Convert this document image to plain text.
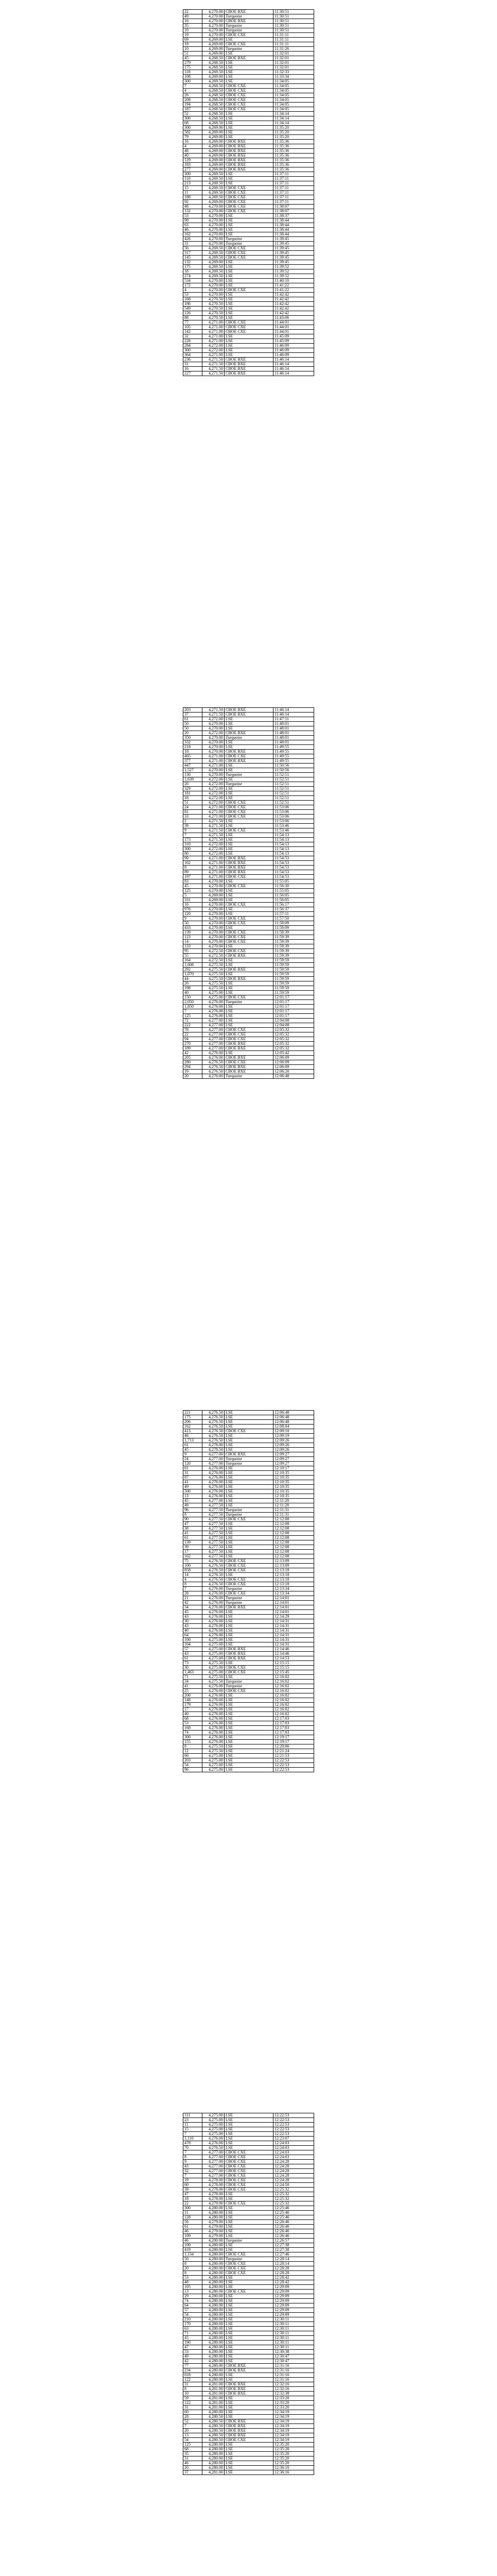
22	4,270.00	CBOE BXE	11:30:51
49	4,270.00	Turquoise	11:30:51
16	4,270.00	CBOE BXE	11:30:51
35	4,270.00	Turquoise	11:30:51
10	4,270.00	Turquoise	11:30:51
19	4,270.00	CBOE CXE	11:31:11
69	4,269.00	LSE	11:31:11
18	4,269.00	CBOE CXE	11:31:11
10	4,269.00	Turquoise	11:31:26
51	4,269.00	LSE	11:32:01
45	4,268.50	CBOE BXE	11:32:01
279	4,268.50	LSE	11:32:01
175	4,268.50	LSE	11:32:01
118	4,269.50	LSE	11:32:33
108	4,269.00	LSE	11:33:34
300	4,269.50	LSE	11:34:05
7	4,268.50	CBOE CXE	11:34:05
4	4,268.50	CBOE CXE	11:34:05
26	4,268.50	CBOE CXE	11:34:05
208	4,268.50	CBOE CXE	11:34:05
194	4,268.50	CBOE CXE	11:34:05
187	4,268.50	CBOE CXE	11:34:05
52	4,268.50	LSE	11:34:14
300	4,268.50	LSE	11:34:14
68	4,268.50	LSE	11:34:14
300	4,269.00	LSE	11:35:20
582	4,269.00	LSE	11:35:20
79	4,269.00	LSE	11:35:20
16	4,269.00	CBOE BXE	11:35:36
4	4,269.00	CBOE BXE	11:35:36
48	4,269.00	CBOE BXE	11:35:36
40	4,269.00	CBOE BXE	11:35:36
129	4,269.00	CBOE BXE	11:35:36
183	4,269.00	CBOE BXE	11:35:36
277	4,269.00	CBOE BXE	11:35:36
300	4,269.50	LSE	11:37:11
110	4,269.50	LSE	11:37:11
213	4,269.50	LSE	11:37:11
15	4,269.50	CBOE CXE	11:37:11
11	4,269.50	CBOE CXE	11:37:11
188	4,269.50	CBOE CXE	11:37:11
92	4,269.00	CBOE CXE	11:37:11
48	4,270.00	CBOE CXE	11:38:07
132	4,270.00	CBOE CXE	11:38:07
53	4,270.00	LSE	11:38:37
98	4,270.00	LSE	11:38:44
63	4,270.00	LSE	11:38:44
46	4,270.00	LSE	11:38:44
162	4,270.00	LSE	11:38:44
426	4,270.00	Turquoise	11:39:45
31	4,270.00	Turquoise	11:39:45
56	4,269.50	CBOE CXE	11:39:45
317	4,269.50	CBOE CXE	11:39:45
145	4,269.50	CBOE CXE	11:39:45
132	4,269.00	LSE	11:39:45
175	4,269.50	LSE	11:39:52
18	4,269.50	LSE	11:39:52
274	4,269.50	LSE	11:39:52
534	4,270.00	LSE	11:40:10
172	4,270.00	LSE	11:41:22
4	4,270.00	CBOE CXE	11:41:22
53	4,270.00	LSE	11:42:42
168	4,270.50	LSE	11:42:42
186	4,270.50	LSE	11:42:42
549	4,270.50	LSE	11:42:42
126	4,270.50	LSE	11:42:42
88	4,270.50	LSE	11:43:06
77	4,271.00	CBOE CXE	11:44:01
105	4,271.00	CBOE CXE	11:44:01
142	4,271.00	CBOE CXE	11:44:01
32	4,271.00	LSE	11:45:09
228	4,271.00	LSE	11:45:09
284	4,272.00	LSE	11:46:09
300	4,272.00	LSE	11:46:09
364	4,271.00	LSE	11:46:09
236	4,271.50	CBOE BXE	11:46:14
31	4,271.50	CBOE BXE	11:46:14
16	4,271.50	CBOE BXE	11:46:14
227	4,271.50	CBOE BXE	11:46:14
203	4,271.50	CBOE BXE	11:46:14
37	4,271.50	CBOE BXE	11:46:14
61	4,272.00	LSE	11:47:11
50	4,270.00	LSE	11:48:01
50	4,270.00	LSE	11:48:01
20	4,272.00	CBOE BXE	11:48:01
350	4,270.00	Turquoise	11:48:01
332	4,270.00	LSE	11:48:01
218	4,270.00	LSE	11:49:55
18	4,270.00	CBOE BXE	11:49:55
465	4,271.00	CBOE CXE	11:49:55
377	4,271.00	CBOE BXE	11:49:55
447	4,271.00	LSE	11:50:56
1,527	4,270.00	LSE	11:50:56
130	4,270.00	Turquoise	11:52:51
1,639	4,272.00	LSE	11:52:51
20	4,272.00	Turquoise	11:52:51
329	4,272.00	LSE	11:52:51
181	4,272.00	LSE	11:52:51
18	4,272.00	LSE	11:52:51
51	4,272.00	CBOE CXE	11:52:51
24	4,271.00	CBOE CXE	11:53:06
81	4,271.00	CBOE CXE	11:53:06
33	4,271.00	CBOE CXE	11:53:06
2	4,271.50	LSE	11:53:06
39	4,271.50	LSE	11:53:46
9	4,271.50	CBOE CXE	11:53:46
7	4,271.50	LSE	11:54:13
173	4,271.50	LSE	11:54:13
310	4,272.00	LSE	11:54:13
300	4,272.00	LSE	11:54:13
80	4,272.00	LSE	11:54:13
90	4,271.00	CBOE BXE	11:54:53
162	4,271.00	CBOE BXE	11:54:53
8	4,271.00	CBOE BXE	11:54:53
89	4,271.00	CBOE BXE	11:54:53
197	4,271.00	CBOE CXE	11:54:53
83	4,270.00	LSE	11:55:05
45	4,270.00	CBOE CXE	11:56:30
125	4,270.00	LSE	11:55:05
5	4,269.00	LSE	11:56:05
331	4,269.00	LSE	11:56:05
16	4,270.00	CBOE CXE	11:56:17
976	4,270.00	LSE	11:56:37
120	4,270.00	LSE	11:57:11
9	4,270.00	CBOE CXE	11:57:50
50	4,270.00	CBOE CXE	11:58:09
433	4,270.00	LSE	11:58:09
139	4,270.00	CBOE CXE	11:58:39
123	4,270.00	CBOE CXE	11:59:39
14	4,270.00	CBOE CXE	11:59:39
133	4,270.00	LSE	11:59:39
95	4,272.50	CBOE CXE	11:59:39
55	4,272.50	CBOE BXE	11:59:39
164	4,272.50	LSE	11:59:59
1,608	4,275.50	LSE	11:59:59
292	4,275.50	CBOE BXE	11:59:59
1,070	4,275.50	LSE	11:59:59
44	4,275.50	CBOE BXE	11:59:59
26	4,275.50	LSE	11:59:59
198	4,275.50	LSE	11:59:59
40	4,275.00	LSE	11:59:59
150	4,275.00	CBOE CXE	12:01:17
2,050	4,276.00	Turquoise	12:01:17
1,850	4,276.00	LSE	12:01:17
7	4,276.00	LSE	12:01:17
125	4,276.00	LSE	12:01:17
72	4,277.00	LSE	12:04:08
222	4,277.00	LSE	12:04:08
78	4,277.00	CBOE CXE	12:05:32
22	4,277.00	CBOE CXE	12:05:32
94	4,277.00	CBOE CXE	12:05:32
270	4,277.00	CBOE BXE	12:05:32
189	4,277.00	CBOE BXE	12:05:32
42	4,276.00	LSE	12:05:42
205	4,276.00	CBOE BXE	12:06:09
280	4,276.50	CBOE CXE	12:06:09
294	4,276.50	CBOE BXE	12:06:09
19	4,276.50	CBOE BXE	12:06:20
20	4,276.00	Turquoise	12:06:48
221	4,276.50	LSE	12:06:48
175	4,276.50	LSE	12:06:48
206	4,276.50	LSE	12:06:48
162	4,276.50	LSE	12:08:04
413	4,276.50	CBOE CXE	12:09:10
46	4,276.50	LSE	12:09:19
1,713	4,276.50	LSE	12:09:26
61	4,278.00	LSE	12:09:26
45	4,278.50	LSE	12:09:26
9	4,277.00	CBOE BXE	12:09:27
24	4,277.00	Turquoise	12:09:27
120	4,277.00	Turquoise	12:09:27
61	4,276.00	LSE	12:10:17
31	4,276.00	LSE	12:10:35
87	4,276.00	LSE	12:10:35
41	4,276.00	LSE	12:10:35
49	4,276.00	LSE	12:10:35
500	4,276.00	LSE	12:10:35
13	4,276.00	LSE	12:10:35
45	4,277.00	LSE	12:11:28
49	4,277.50	LSE	12:11:28
96	4,277.50	Turquoise	12:11:31
8	4,277.50	Turquoise	12:11:31
90	4,277.50	CBOE CXE	12:12:08
47	4,277.50	LSE	12:12:08
38	4,277.50	LSE	12:12:08
41	4,277.50	LSE	12:12:08
61	4,277.50	LSE	12:12:08
139	4,277.50	LSE	12:12:08
39	4,277.50	LSE	12:12:08
17	4,277.50	LSE	12:12:08
162	4,277.50	LSE	12:12:08
75	4,276.50	CBOE CXE	12:13:09
100	4,276.50	CBOE CXE	12:13:09
858	4,276.50	CBOE CXE	12:13:18
14	4,276.50	LSE	12:13:18
4	4,276.50	CBOE CXE	12:13:18
8	4,276.50	CBOE CXE	12:13:18
7	4,276.00	Turquoise	12:13:34
28	4,276.00	CBOE CXE	12:13:34
21	4,276.00	Turquoise	12:14:01
42	4,276.00	Turquoise	12:14:01
34	4,276.00	CBOE BXE	12:14:01
45	4,276.00	LSE	12:14:01
43	4,276.00	LSE	12:14:29
30	4,276.00	LSE	12:14:31
43	4,276.00	LSE	12:14:31
40	4,276.00	LSE	12:14:31
64	4,276.00	LSE	12:14:31
100	4,275.00	LSE	12:14:31
104	4,275.00	LSE	12:14:31
57	4,275.00	CBOE BXE	12:14:46
43	4,275.00	CBOE BXE	12:14:46
61	4,275.00	CBOE BXE	12:14:53
73	4,275.50	LSE	12:15:15
30	4,275.00	CBOE CXE	12:15:15
1,463	4,275.00	CBOE CXE	12:15:45
71	4,275.50	LSE	12:16:02
34	4,275.50	Turquoise	12:16:02
41	4,276.00	Turquoise	12:16:02
25	4,276.00	CBOE CXE	12:16:02
200	4,276.00	LSE	12:16:02
148	4,276.00	LSE	12:16:02
179	4,276.00	LSE	12:16:02
17	4,276.00	LSE	12:16:02
40	4,276.00	LSE	12:16:02
68	4,276.00	LSE	12:17:03
53	4,276.00	LSE	12:17:03
168	4,276.00	LSE	12:17:03
74	4,276.00	LSE	12:17:03
300	4,276.00	LSE	12:19:17
155	4,276.00	LSE	12:19:17
8	4,275.50	LSE	12:20:06
12	4,275.50	LSE	12:21:24
66	4,275.00	LSE	12:21:53
203	4,275.00	LSE	12:22:53
54	4,275.00	LSE	12:22:53
96	4,275.00	LSE	12:22:53
111	4,275.00	LSE	12:22:53
23	4,275.00	LSE	12:22:53
11	4,275.00	LSE	12:22:53
15	4,275.00	LSE	12:22:53
7	4,275.00	LSE	12:22:53
1,110	4,276.00	LSE	12:23:07
478	4,276.00	LSE	12:24:03
70	4,276.50	LSE	12:24:03
7	4,277.00	CBOE CXE	12:24:03
8	4,277.00	CBOE CXE	12:24:03
9	4,277.00	CBOE CXE	12:24:28
43	4,277.00	CBOE CXE	12:24:28
32	4,277.00	CBOE CXE	12:24:28
7	4,277.00	CBOE CXE	12:24:28
19	4,278.00	CBOE CXE	12:24:28
60	4,278.00	CBOE CXE	12:24:50
39	4,278.00	CBOE CXE	12:25:32
47	4,278.00	LSE	12:25:32
18	4,278.00	LSE	12:25:32
22	4,279.00	CBOE CXE	12:25:32
300	4,280.00	LSE	12:25:46
11	4,280.00	LSE	12:25:46
128	4,280.00	LSE	12:25:46
56	4,279.00	LSE	12:26:46
61	4,279.00	LSE	12:26:46
46	4,279.00	LSE	12:26:46
109	4,279.00	LSE	12:26:46
46	4,280.00	Turquoise	12:26:57
100	4,280.00	LSE	12:27:38
419	4,280.00	LSE	12:27:38
1,134	4,280.00	CBOE CXE	12:27:46
50	4,280.00	Turquoise	12:28:14
8	4,280.00	CBOE CXE	12:28:14
20	4,280.00	CBOE CXE	12:28:28
8	4,280.00	CBOE CXE	12:28:28
53	4,280.00	LSE	12:28:42
48	4,280.00	LSE	12:28:42
105	4,280.00	LSE	12:29:09
13	4,280.00	CBOE CXE	12:29:09
29	4,280.00	LSE	12:29:09
74	4,280.00	LSE	12:29:09
64	4,280.00	LSE	12:29:09
57	4,280.00	LSE	12:29:09
54	4,280.00	LSE	12:29:09
210	4,280.00	LSE	12:30:11
170	4,280.00	LSE	12:30:11
63	4,280.00	LSE	12:30:11
71	4,280.00	LSE	12:30:11
45	4,280.00	LSE	12:30:11
190	4,280.00	LSE	12:30:11
47	4,280.00	LSE	12:30:11
53	4,280.00	LSE	12:30:38
49	4,280.00	LSE	12:30:47
42	4,280.00	LSE	12:30:47
77	4,280.00	CBOE BXE	12:31:16
234	4,280.00	CBOE BXE	12:31:16
818	4,280.00	LSE	12:31:16
122	4,280.00	LSE	12:31:16
31	4,281.00	CBOE BXE	12:32:16
8	4,281.00	CBOE BXE	12:32:16
10	4,281.00	CBOE BXE	12:32:38
59	4,281.00	LSE	12:33:20
122	4,281.00	LSE	12:33:20
31	4,281.00	LSE	12:33:20
60	4,280.00	LSE	12:34:19
28	4,280.50	LSE	12:34:19
52	4,280.50	CBOE BXE	12:34:19
7	4,280.50	CBOE BXE	12:34:19
20	4,280.50	CBOE BXE	12:34:19
13	4,280.50	CBOE BXE	12:34:19
54	4,280.50	CBOE CXE	12:34:19
125	4,280.00	LSE	12:35:20
68	4,280.00	LSE	12:35:20
35	4,280.00	LSE	12:35:20
31	4,280.00	LSE	12:35:20
46	4,280.00	LSE	12:35:20
20	4,280.00	LSE	12:36:10
37	4,281.00	LSE	12:36:16
